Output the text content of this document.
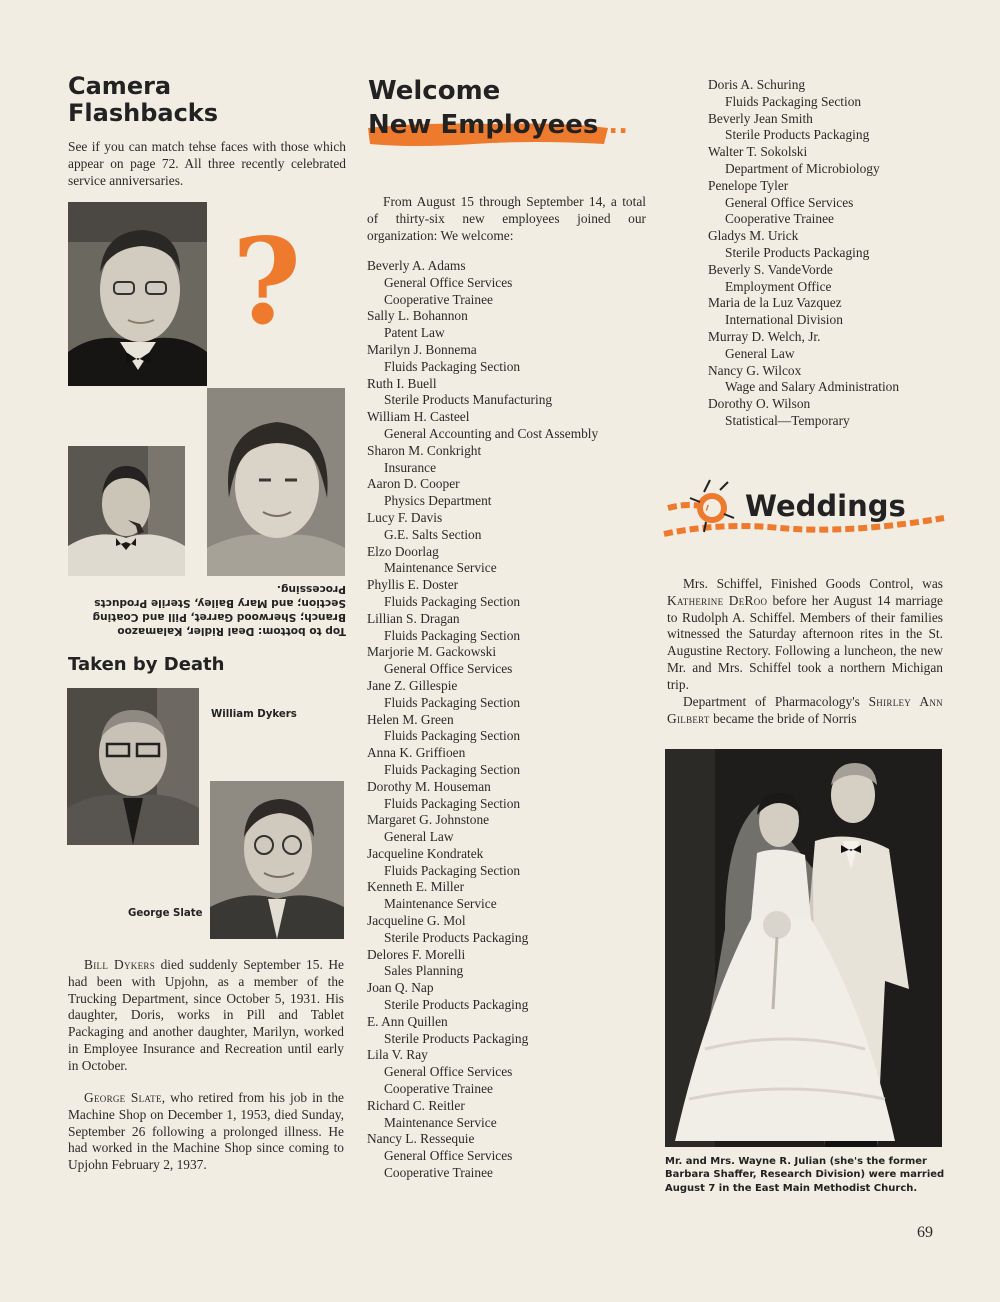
Camera
Flashbacks
See if you can match tehse faces with those which appear on page 72. All three recently celebrated service anniversaries.
?
Top to bottom: Deal Ridler, Kalamazoo Branch; Sherwood Garret, Pill and Coating Section; and Mary Bailey, Sterile Products Processing.
Taken by Death
William Dykers
George Slate
Bill Dykers died suddenly September 15. He had been with Upjohn, as a member of the Trucking Department, since October 5, 1931. His daughter, Doris, works in Pill and Tablet Packaging and another daughter, Marilyn, worked in Employee Insurance and Recreation until early in October.
George Slate, who retired from his job in the Machine Shop on December 1, 1953, died Sunday, September 26 following a prolonged illness. He had worked in the Machine Shop since coming to Upjohn February 2, 1937.
Welcome
New Employees...
From August 15 through September 14, a total of thirty-six new employees joined our organization: We welcome:
Beverly A. Adams
General Office Services
Cooperative Trainee
Sally L. Bohannon
Patent Law
Marilyn J. Bonnema
Fluids Packaging Section
Ruth I. Buell
Sterile Products Manufacturing
William H. Casteel
General Accounting and Cost Assembly
Sharon M. Conkright
Insurance
Aaron D. Cooper
Physics Department
Lucy F. Davis
G.E. Salts Section
Elzo Doorlag
Maintenance Service
Phyllis E. Doster
Fluids Packaging Section
Lillian S. Dragan
Fluids Packaging Section
Marjorie M. Gackowski
General Office Services
Jane Z. Gillespie
Fluids Packaging Section
Helen M. Green
Fluids Packaging Section
Anna K. Griffioen
Fluids Packaging Section
Dorothy M. Houseman
Fluids Packaging Section
Margaret G. Johnstone
General Law
Jacqueline Kondratek
Fluids Packaging Section
Kenneth E. Miller
Maintenance Service
Jacqueline G. Mol
Sterile Products Packaging
Delores F. Morelli
Sales Planning
Joan Q. Nap
Sterile Products Packaging
E. Ann Quillen
Sterile Products Packaging
Lila V. Ray
General Office Services
Cooperative Trainee
Richard C. Reitler
Maintenance Service
Nancy L. Ressequie
General Office Services
Cooperative Trainee
Doris A. Schuring
Fluids Packaging Section
Beverly Jean Smith
Sterile Products Packaging
Walter T. Sokolski
Department of Microbiology
Penelope Tyler
General Office Services
Cooperative Trainee
Gladys M. Urick
Sterile Products Packaging
Beverly S. VandeVorde
Employment Office
Maria de la Luz Vazquez
International Division
Murray D. Welch, Jr.
General Law
Nancy G. Wilcox
Wage and Salary Administration
Dorothy O. Wilson
Statistical—Temporary
Weddings
Mrs. Schiffel, Finished Goods Control, was Katherine DeRoo before her August 14 marriage to Rudolph A. Schiffel. Members of their families witnessed the Saturday afternoon rites in the St. Augustine Rectory. Following a luncheon, the new Mr. and Mrs. Schiffel took a northern Michigan trip.
Department of Pharmacology's Shirley Ann Gilbert became the bride of Norris
Mr. and Mrs. Wayne R. Julian (she's the former Barbara Shaffer, Research Division) were married August 7 in the East Main Methodist Church.
69
